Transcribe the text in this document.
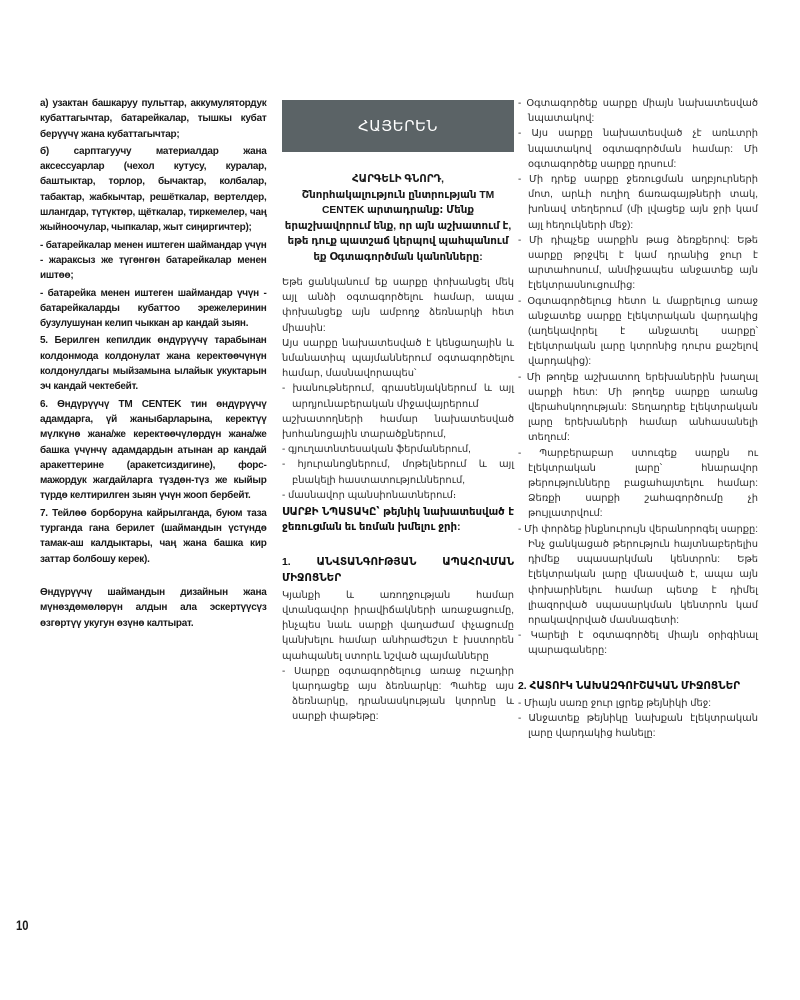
а) узактан башкаруу пульттар, аккумулятордук кубаттагычтар, батарейкалар, тышкы кубат берүүчү жана кубаттагычтар;

б) сарптагуучу материалдар жана аксессуарлар (чехол кутусу, куралар, баштыктар, торлор, бычактар, колбалар, табактар, жабкычтар, решёткалар, вертелдер, шлангдар, түтүктөр, щёткалар, тиркемелер, чаң жыйноочулар, чыпкалар, жыт сиңиргичтер);

- батарейкалар менен иштеген шаймандар үчүн - жараксыз же түгөнгөн батарейкалар менен иштөө;

- батарейка менен иштеген шаймандар үчүн - батарейкаларды кубаттоо эрежелеринин бузулушунан келип чыккан ар кандай зыян.

5. Берилген кепилдик өндүрүүчү тарабынан колдонмода колдонулат жана керектөөчүнүн колдонулдагы мыйзамына ылайык укуктарын эч кандай чектебейт.

6. Өндүрүүчү ТМ CENTEK тин өндүрүүчү адамдарга, үй жаныбарларына, керектүү мүлкүнө жана/же керектөөчүлөрдүн жана/же башка үчүнчү адамдардын атынан ар кандай аракеттерине (аракетсиздигине), форс-мажордук жагдайларга түздөн-түз же кыйыр түрдө келтирилген зыян үчүн жооп бербейт.

7. Тейлөө борборуна кайрылганда, буюм таза турганда гана берилет (шаймандын үстүндө тамак-аш калдыктары, чаң жана башка кир заттар болбошу керек).

Өндүрүүчү шаймандын дизайнын жана мүнөздөмөлөрүн алдын ала эскертүүсүз өзгөртүү укугун өзүнө калтырат.

ՀԱՅԵՐԵՆ
ՀԱՐԳԵԼԻ ԳՆՈՐԴ,
Շնորհակալություն ընտրության TM CENTEK արտադրանք։ Մենք երաշխավորում ենք, որ այն աշխատում է, եթե դուք պատշաճ կերպով պահպանում եք Օգտագործման կանոնները:

Եթե ցանկանում եք սարքը փոխանցել մեկ այլ անձի օգտագործելու համար, ապա փոխանցեք այն ամբողջ ձեռնարկի հետ միասին:

Այս սարքը նախատեսված է կենցաղային և նմանատիպ պայմաններում օգտագործելու համար, մասնավորապես՝

- խանութներում, գրասենյակներում և այլ արդյունաբերական միջավայրերում

աշխատողների համար նախատեսված խոհանոցային տարածքներում,

- գյուղատնտեսական ֆերմաներում,

- հյուրանոցներում, մոթելներում և այլ բնակելի հաստատություններում,

- մասնավոր պանսիոնատներում։

ՍԱՐՔԻ ՆՊԱՏԱԿԸ՝ թեյնիկ նախատեսված է ջեռուցման եւ եռման խմելու ջրի:

1. ԱՆՎՏԱՆԳՈՒԹՅԱՆ ԱՊԱՀՈՎՄԱՆ ՄԻՋՈՑՆԵՐ

Կյանքի և առողջության համար վտանգավոր իրավիճակների առաջացումը, ինչպես նաև սարքի վաղաժամ փչացումը կանխելու համար անհրաժեշտ է խստորեն պահպանել ստորև նշված պայմանները

- Սարքը օգտագործելուց առաջ ուշադիր կարդացեք այս ձեռնարկը: Պահեք այս ձեռնարկը, դրանասկության կտրոնը և սարքի փաթեթը:

- Օգտագործեք սարքը միայն նախատեսված նպատակով:

- Այս սարքը նախատեսված չէ առևտրի նպատակով օգտագործման համար: Մի օգտագործեք սարքը դրսում:

- Մի դրեք սարքը ջեռուցման աղբյուրների մոտ, արևի ուղիղ ճառագայթների տակ, խոնավ տեղերում (մի լվացեք այն ջրի կամ այլ հեղուկների մեջ):

- Մի դիպչեք սարքին թաց ձեռքերով: Եթե սարքը թրջվել է կամ դրանից ջուր է արտահոսում, անմիջապես անջատեք այն էլեկտրասնուցումից:

- Օգտագործելուց հետո և մաքրելուց առաջ անջատեք սարքը էլեկտրական վարդակից (աղեկավորել է անջատել սարքը՝ էլեկտրական լարը կտրոնից դուրս քաշելով վարդակից):

- Մի թողեք աշխատող երեխաներին խաղալ սարքի հետ: Մի թողեք սարքը առանց վերահսկողության: Տեղադրեք էլեկտրական լարը երեխաների համար անհասանելի տեղում:

- Պարբերաբար ստուգեք սարքն ու էլեկտրական լարը՝ հնարավոր թերությունները բացահայտելու համար: Ձեռքի սարքի շահագործումը չի թույլատրվում:

- Մի փորձեք ինքնուրույն վերանորոգել սարքը: Ինչ ցանկացած թերություն հայտնաբերելիս դիմեք սպասարկման կենտրոն: Եթե էլեկտրական լարը վնասված է, ապա այն փոխարինելու համար պետք է դիմել լիազորված սպասարկման կենտրոն կամ որակավորված մասնագետի:

- Կարելի է օգտագործել միայն օրիգինալ պարագաները:

2. ՀԱՏՈՒԿ ՆԱԽԱԶԳՈՒՇԱԿԱՆ ՄԻՋՈՑՆԵՐ

- Միայն սառը ջուր լցրեք թեյնիկի մեջ:

- Անջատեք թեյնիկը նախքան էլեկտրական լարը վարդակից հանելը:

10
